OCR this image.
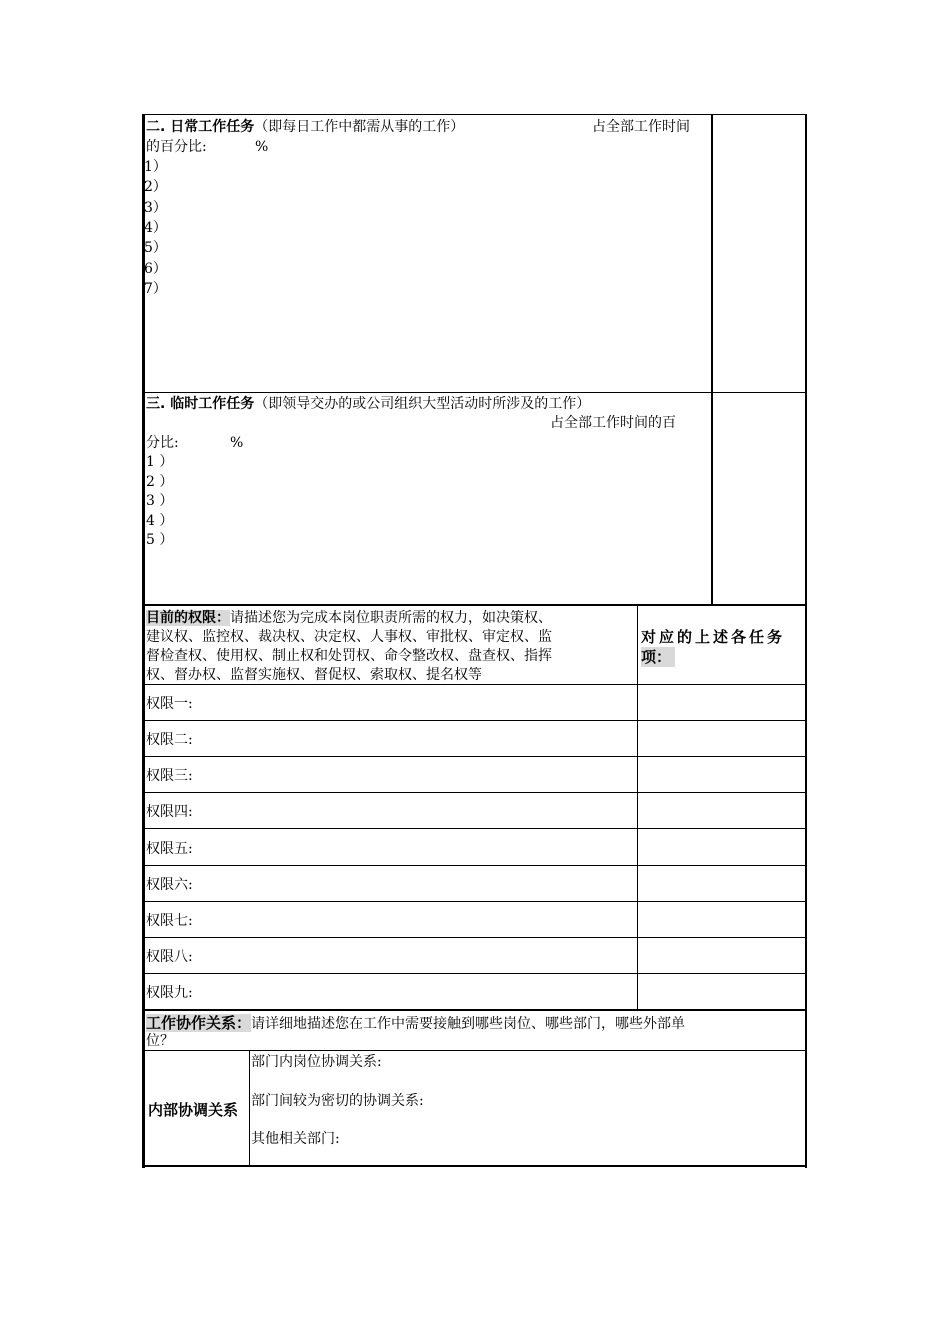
二. 日常工作任务（即每日工作中都需从事的工作）	占全部工作时间
的百分比:	%
1）
2）
3）
4）
5）
6）
7）
三. 临时工作任务（即领导交办的或公司组织大型活动时所涉及的工作）
占全部工作时间的百
分比:	%
1 ）
2 ）
3 ）
4 ）
5 ）
目前的权限：请描述您为完成本岗位职责所需的权力，如决策权、
建议权、监控权、裁决权、决定权、人事权、审批权、审定权、监
督检查权、使用权、制止权和处罚权、命令整改权、盘查权、指挥
权、督办权、监督实施权、督促权、索取权、提名权等
对应的上述各任务
项：
权限一:
权限二:
权限三:
权限四:
权限五:
权限六:
权限七:
权限八:
权限九:
工作协作关系：请详细地描述您在工作中需要接触到哪些岗位、哪些部门，哪些外部单
位？
内部协调关系
部门内岗位协调关系:
部门间较为密切的协调关系:
其他相关部门:
